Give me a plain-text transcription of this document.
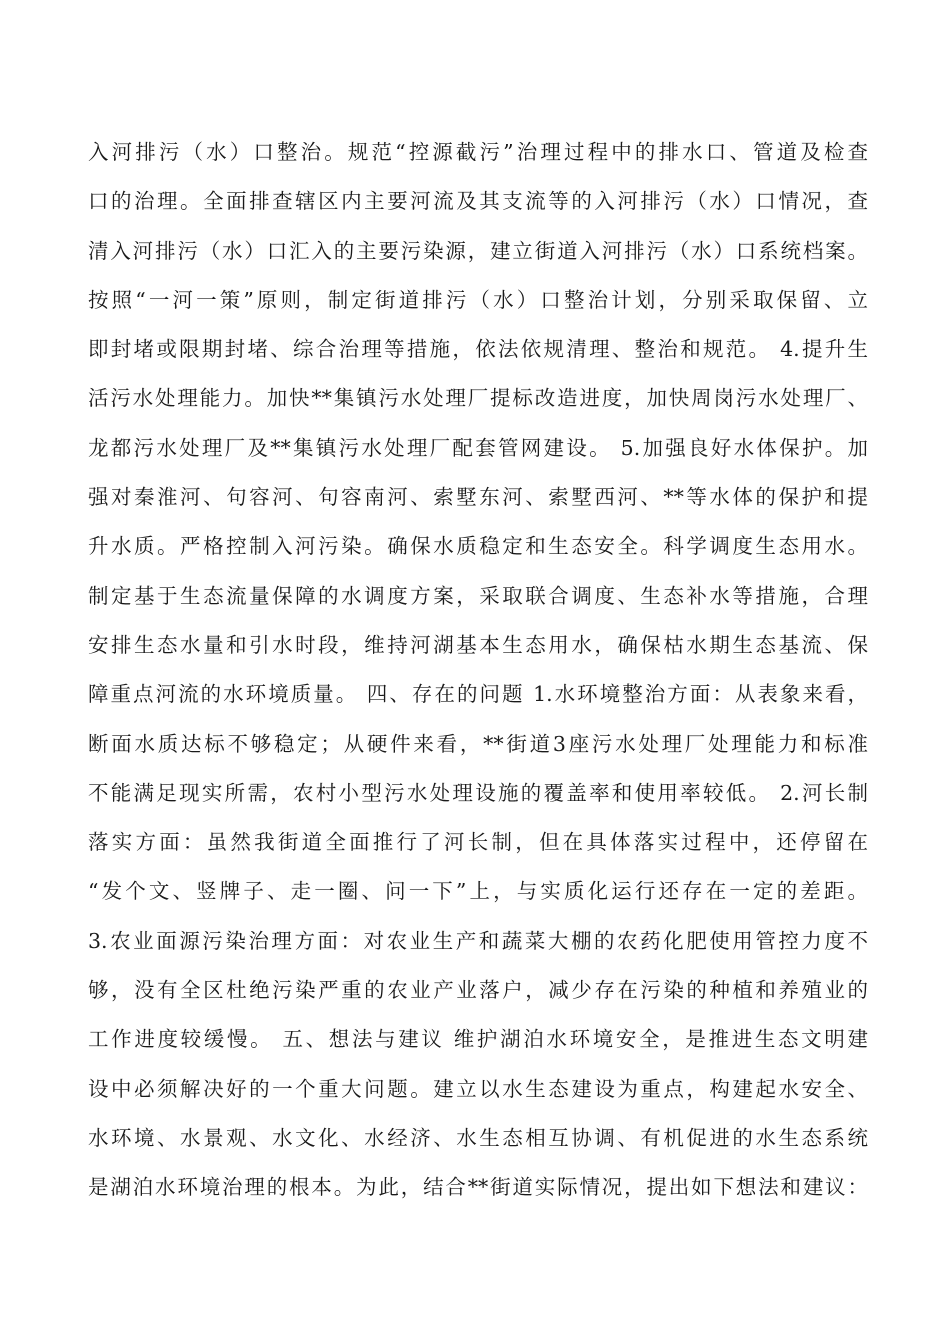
入河排污（水）口整治。规范“控源截污”治理过程中的排水口、管道及检查
口的治理。全面排查辖区内主要河流及其支流等的入河排污（水）口情况，查
清入河排污（水）口汇入的主要污染源，建立街道入河排污（水）口系统档案。
按照“一河一策”原则，制定街道排污（水）口整治计划，分别采取保留、立
即封堵或限期封堵、综合治理等措施，依法依规清理、整治和规范。 4.提升生
活污水处理能力。加快**集镇污水处理厂提标改造进度，加快周岗污水处理厂、
龙都污水处理厂及**集镇污水处理厂配套管网建设。 5.加强良好水体保护。加
强对秦淮河、句容河、句容南河、索墅东河、索墅西河、**等水体的保护和提
升水质。严格控制入河污染。确保水质稳定和生态安全。科学调度生态用水。
制定基于生态流量保障的水调度方案，采取联合调度、生态补水等措施，合理
安排生态水量和引水时段，维持河湖基本生态用水，确保枯水期生态基流、保
障重点河流的水环境质量。 四、存在的问题 1.水环境整治方面：从表象来看，
断面水质达标不够稳定；从硬件来看，**街道3座污水处理厂处理能力和标准
不能满足现实所需，农村小型污水处理设施的覆盖率和使用率较低。 2.河长制
落实方面：虽然我街道全面推行了河长制，但在具体落实过程中，还停留在
“发个文、竖牌子、走一圈、问一下”上，与实质化运行还存在一定的差距。
3.农业面源污染治理方面：对农业生产和蔬菜大棚的农药化肥使用管控力度不
够，没有全区杜绝污染严重的农业产业落户，减少存在污染的种植和养殖业的
工作进度较缓慢。 五、想法与建议 维护湖泊水环境安全，是推进生态文明建
设中必须解决好的一个重大问题。建立以水生态建设为重点，构建起水安全、
水环境、水景观、水文化、水经济、水生态相互协调、有机促进的水生态系统
是湖泊水环境治理的根本。为此，结合**街道实际情况，提出如下想法和建议：
